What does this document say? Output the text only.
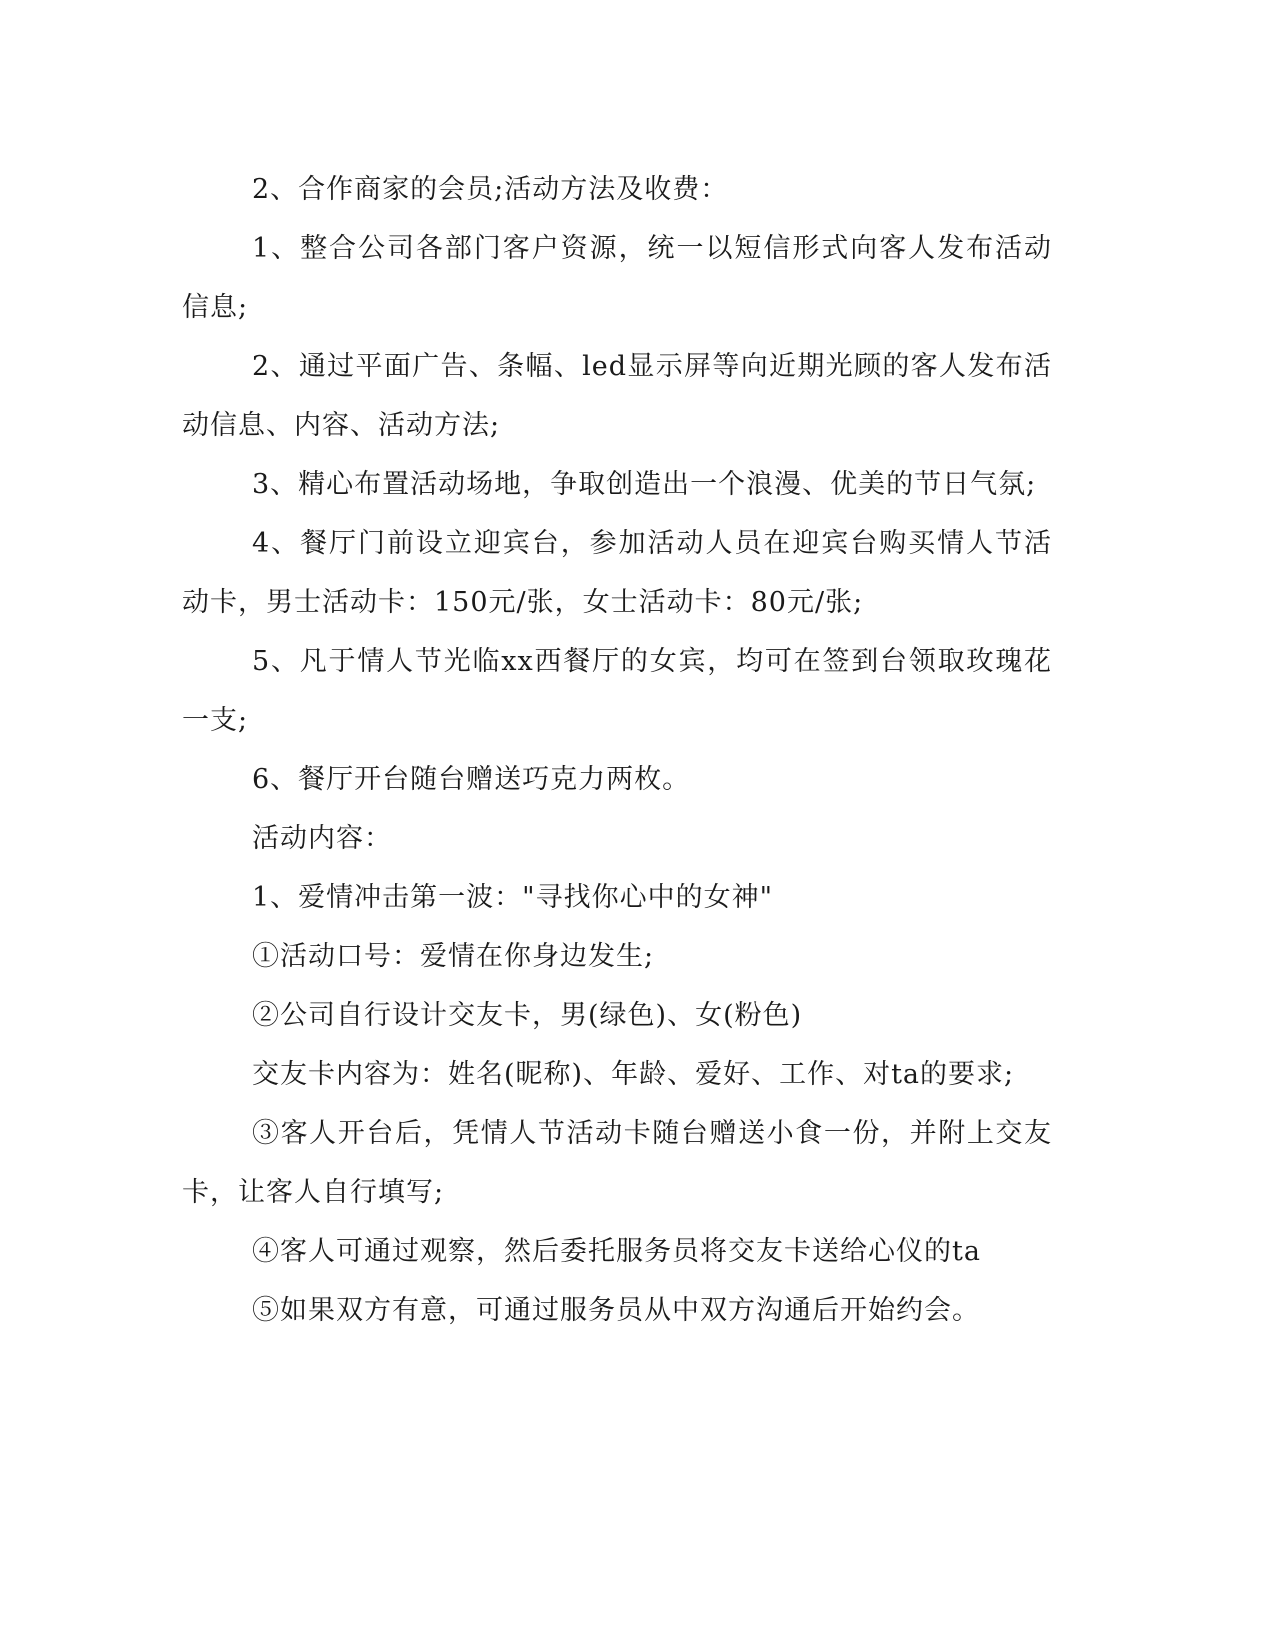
2、合作商家的会员;活动方法及收费：

1、整合公司各部门客户资源，统一以短信形式向客人发布活动信息;

2、通过平面广告、条幅、led显示屏等向近期光顾的客人发布活动信息、内容、活动方法;

3、精心布置活动场地，争取创造出一个浪漫、优美的节日气氛;

4、餐厅门前设立迎宾台，参加活动人员在迎宾台购买情人节活动卡，男士活动卡：150元/张，女士活动卡：80元/张;

5、凡于情人节光临xx西餐厅的女宾，均可在签到台领取玫瑰花一支;

6、餐厅开台随台赠送巧克力两枚。

活动内容：

1、爱情冲击第一波："寻找你心中的女神"

①活动口号：爱情在你身边发生;

②公司自行设计交友卡，男(绿色)、女(粉色)

交友卡内容为：姓名(昵称)、年龄、爱好、工作、对ta的要求;

③客人开台后，凭情人节活动卡随台赠送小食一份，并附上交友卡，让客人自行填写;

④客人可通过观察，然后委托服务员将交友卡送给心仪的ta

⑤如果双方有意，可通过服务员从中双方沟通后开始约会。
